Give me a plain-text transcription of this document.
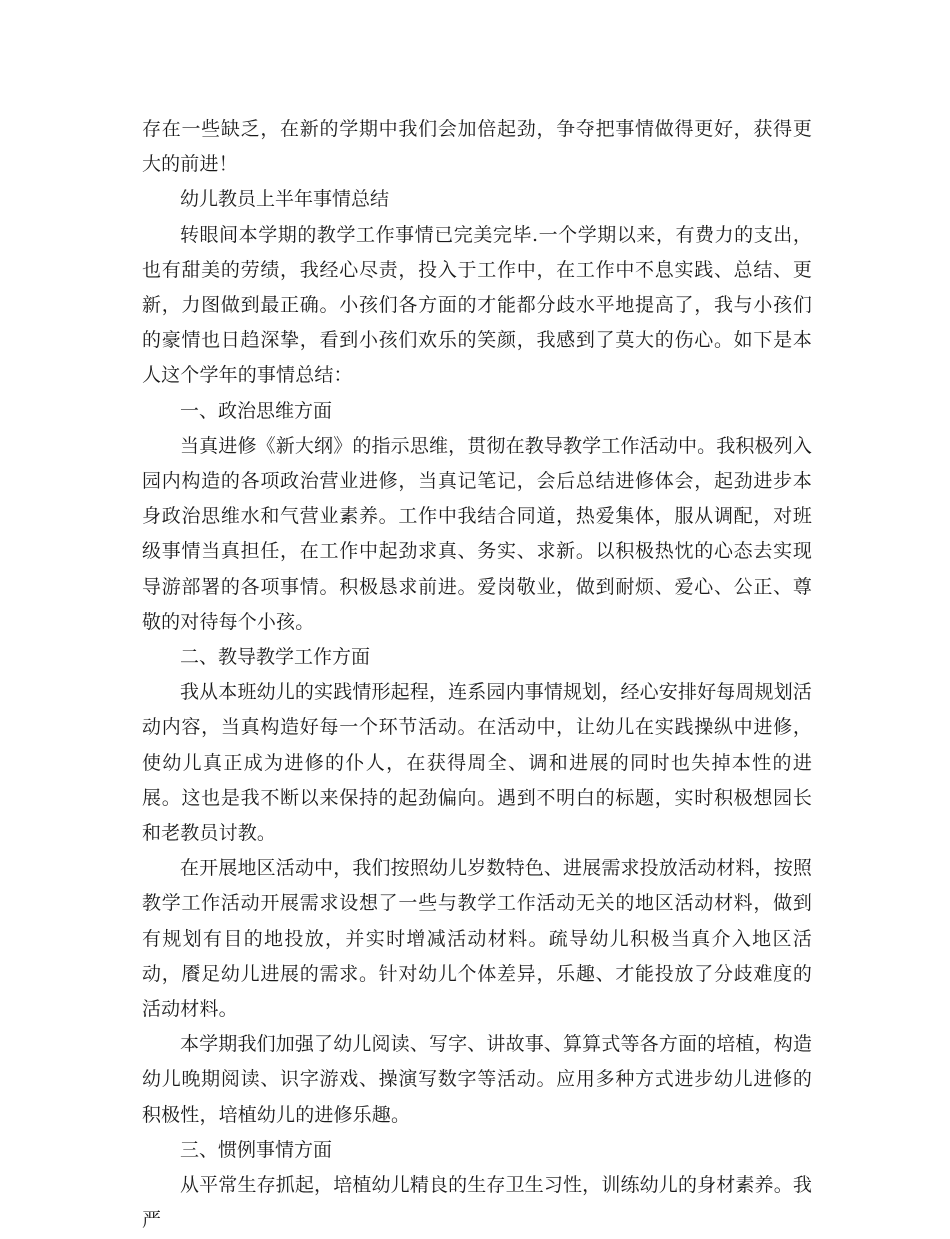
存在一些缺乏，在新的学期中我们会加倍起劲，争夺把事情做得更好，获得更大的前进！

幼儿教员上半年事情总结

转眼间本学期的教学工作事情已完美完毕.一个学期以来，有费力的支出，也有甜美的劳绩，我经心尽责，投入于工作中，在工作中不息实践、总结、更新，力图做到最正确。小孩们各方面的才能都分歧水平地提高了，我与小孩们的豪情也日趋深挚，看到小孩们欢乐的笑颜，我感到了莫大的伤心。如下是本人这个学年的事情总结：

一、政治思维方面

当真进修《新大纲》的指示思维，贯彻在教导教学工作活动中。我积极列入园内构造的各项政治营业进修，当真记笔记，会后总结进修体会，起劲进步本身政治思维水和气营业素养。工作中我结合同道，热爱集体，服从调配，对班级事情当真担任，在工作中起劲求真、务实、求新。以积极热忱的心态去实现导游部署的各项事情。积极恳求前进。爱岗敬业，做到耐烦、爱心、公正、尊敬的对待每个小孩。

二、教导教学工作方面

我从本班幼儿的实践情形起程，连系园内事情规划，经心安排好每周规划活动内容，当真构造好每一个环节活动。在活动中，让幼儿在实践操纵中进修，使幼儿真正成为进修的仆人，在获得周全、调和进展的同时也失掉本性的进展。这也是我不断以来保持的起劲偏向。遇到不明白的标题，实时积极想园长和老教员讨教。

在开展地区活动中，我们按照幼儿岁数特色、进展需求投放活动材料，按照教学工作活动开展需求设想了一些与教学工作活动无关的地区活动材料，做到有规划有目的地投放，并实时增减活动材料。疏导幼儿积极当真介入地区活动，餍足幼儿进展的需求。针对幼儿个体差异，乐趣、才能投放了分歧难度的活动材料。

本学期我们加强了幼儿阅读、写字、讲故事、算算式等各方面的培植，构造幼儿晚期阅读、识字游戏、操演写数字等活动。应用多种方式进步幼儿进修的积极性，培植幼儿的进修乐趣。

三、惯例事情方面

从平常生存抓起，培植幼儿精良的生存卫生习性，训练幼儿的身材素养。我严
